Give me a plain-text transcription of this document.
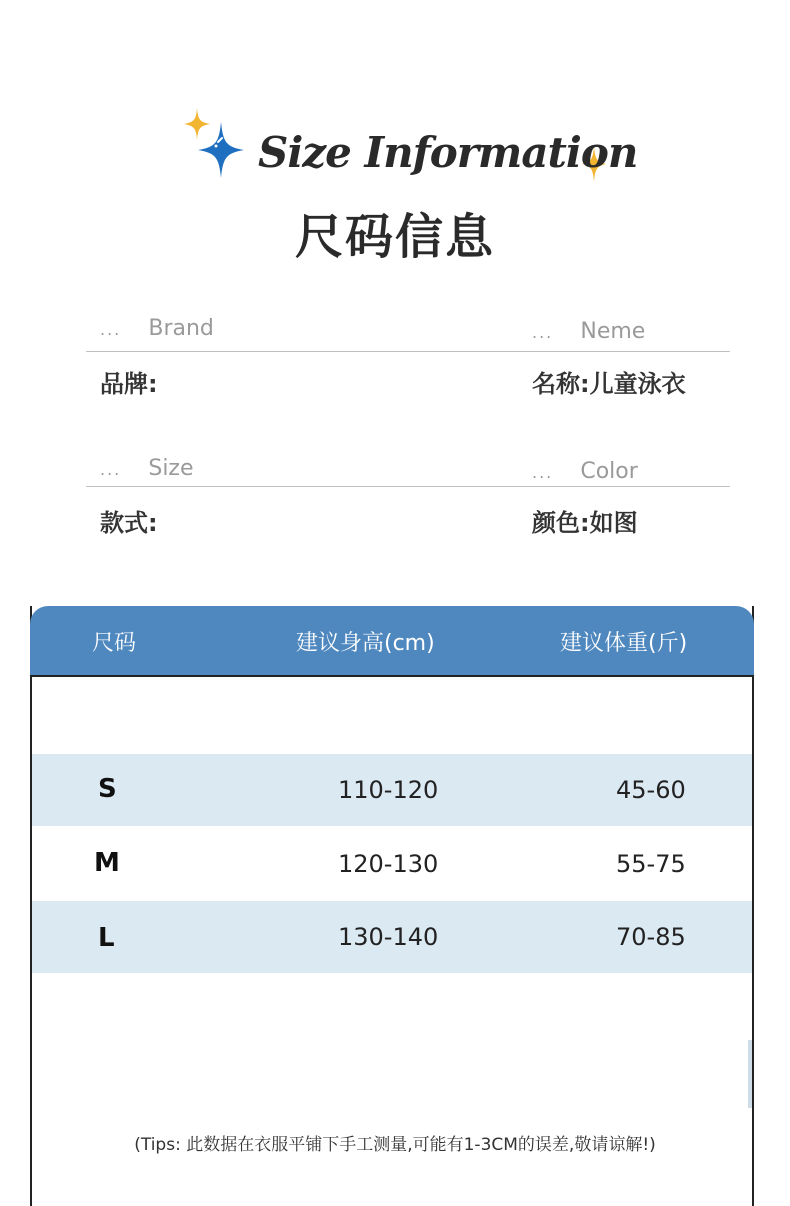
Size Information
尺码信息
... Brand	... Neme
品牌:	名称:儿童泳衣
... Size	... Color
款式:	颜色:如图
尺码	建议身高(cm)	建议体重(斤)
S	110-120	45-60
M	120-130	55-75
L	130-140	70-85
(Tips: 此数据在衣服平铺下手工测量,可能有1-3CM的误差,敬请谅解!)
